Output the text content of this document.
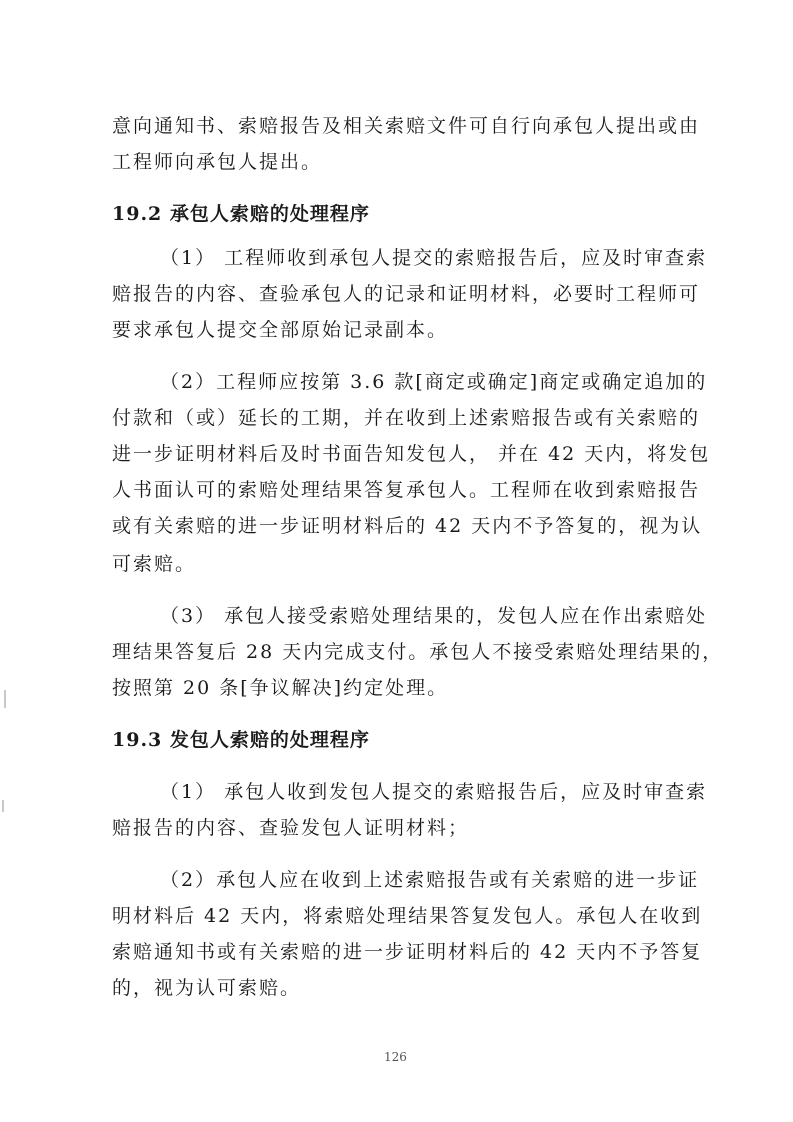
意向通知书、索赔报告及相关索赔文件可自行向承包人提出或由
工程师向承包人提出。
19.2 承包人索赔的处理程序
（1） 工程师收到承包人提交的索赔报告后，应及时审查索
赔报告的内容、查验承包人的记录和证明材料，必要时工程师可
要求承包人提交全部原始记录副本。
（2）工程师应按第 3.6 款[商定或确定]商定或确定追加的
付款和（或）延长的工期，并在收到上述索赔报告或有关索赔的
进一步证明材料后及时书面告知发包人， 并在 42 天内，将发包
人书面认可的索赔处理结果答复承包人。工程师在收到索赔报告
或有关索赔的进一步证明材料后的 42 天内不予答复的，视为认
可索赔。
（3） 承包人接受索赔处理结果的，发包人应在作出索赔处
理结果答复后 28 天内完成支付。承包人不接受索赔处理结果的，
按照第 20 条[争议解决]约定处理。
19.3 发包人索赔的处理程序
（1） 承包人收到发包人提交的索赔报告后，应及时审查索
赔报告的内容、查验发包人证明材料；
（2）承包人应在收到上述索赔报告或有关索赔的进一步证
明材料后 42 天内，将索赔处理结果答复发包人。承包人在收到
索赔通知书或有关索赔的进一步证明材料后的 42 天内不予答复
的，视为认可索赔。
126
